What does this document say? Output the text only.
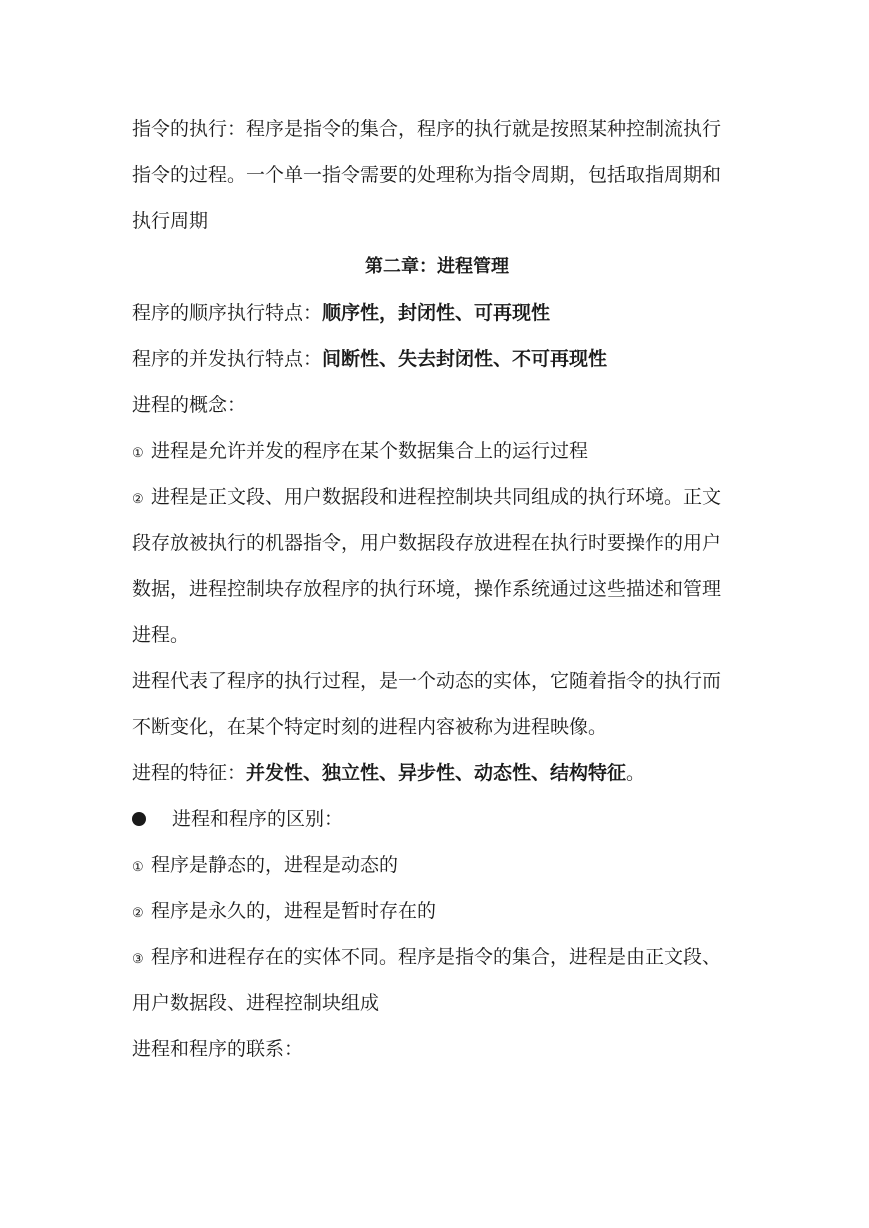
指令的执行：程序是指令的集合，程序的执行就是按照某种控制流执行
指令的过程。一个单一指令需要的处理称为指令周期，包括取指周期和
执行周期
第二章：进程管理
程序的顺序执行特点：顺序性，封闭性、可再现性
程序的并发执行特点：间断性、失去封闭性、不可再现性
进程的概念：
① 进程是允许并发的程序在某个数据集合上的运行过程
② 进程是正文段、用户数据段和进程控制块共同组成的执行环境。正文
段存放被执行的机器指令，用户数据段存放进程在执行时要操作的用户
数据，进程控制块存放程序的执行环境，操作系统通过这些描述和管理
进程。
进程代表了程序的执行过程，是一个动态的实体，它随着指令的执行而
不断变化，在某个特定时刻的进程内容被称为进程映像。
进程的特征：并发性、独立性、异步性、动态性、结构特征。
进程和程序的区别：
① 程序是静态的，进程是动态的
② 程序是永久的，进程是暂时存在的
③ 程序和进程存在的实体不同。程序是指令的集合，进程是由正文段、
用户数据段、进程控制块组成
进程和程序的联系：
